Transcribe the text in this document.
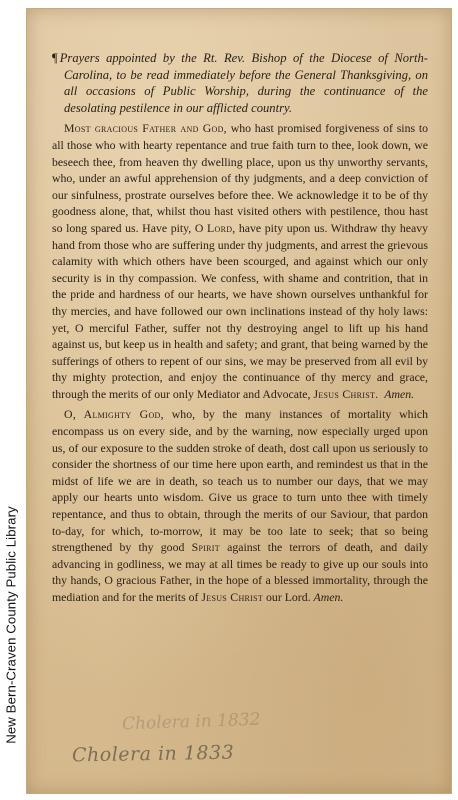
New Bern-Craven County Public Library

¶ Prayers appointed by the Rt. Rev. Bishop of the Diocese of North-Carolina, to be read immediately before the General Thanksgiving, on all occasions of Public Worship, during the continuance of the desolating pestilence in our afflicted country.

Most gracious Father and God, who hast promised forgiveness of sins to all those who with hearty repentance and true faith turn to thee, look down, we beseech thee, from heaven thy dwelling place, upon us thy unworthy servants, who, under an awful apprehension of thy judgments, and a deep conviction of our sinfulness, prostrate ourselves before thee. We acknowledge it to be of thy goodness alone, that, whilst thou hast visited others with pestilence, thou hast so long spared us. Have pity, O Lord, have pity upon us. Withdraw thy heavy hand from those who are suffering under thy judgments, and arrest the grievous calamity with which others have been scourged, and against which our only security is in thy compassion. We confess, with shame and contrition, that in the pride and hardness of our hearts, we have shown ourselves unthankful for thy mercies, and have followed our own inclinations instead of thy holy laws: yet, O merciful Father, suffer not thy destroying angel to lift up his hand against us, but keep us in health and safety; and grant, that being warned by the sufferings of others to repent of our sins, we may be preserved from all evil by thy mighty protection, and enjoy the continuance of thy mercy and grace, through the merits of our only Mediator and Advocate, Jesus Christ. Amen.

O, Almighty God, who, by the many instances of mortality which encompass us on every side, and by the warning, now especially urged upon us, of our exposure to the sudden stroke of death, dost call upon us seriously to consider the shortness of our time here upon earth, and remindest us that in the midst of life we are in death, so teach us to number our days, that we may apply our hearts unto wisdom. Give us grace to turn unto thee with timely repentance, and thus to obtain, through the merits of our Saviour, that pardon to-day, for which, to-morrow, it may be too late to seek; that so being strengthened by thy good Spirit against the terrors of death, and daily advancing in godliness, we may at all times be ready to give up our souls into thy hands, O gracious Father, in the hope of a blessed immortality, through the mediation and for the merits of Jesus Christ our Lord. Amen.

Cholera in 1832
Cholera in 1833
